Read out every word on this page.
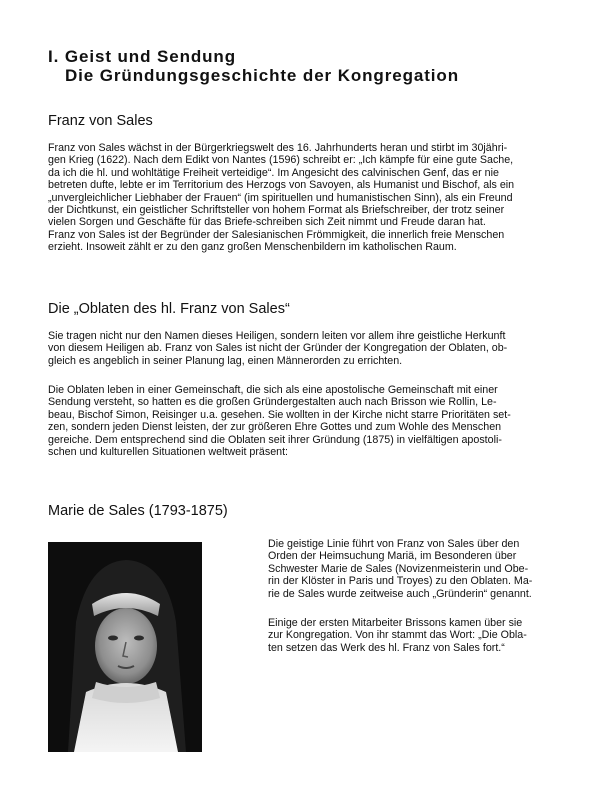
I. Geist und Sendung
Die Gründungsgeschichte der Kongregation
Franz von Sales
Franz von Sales wächst in der Bürgerkriegswelt des 16. Jahrhunderts heran und stirbt im 30jähri-
gen Krieg (1622). Nach dem Edikt von Nantes (1596) schreibt er: „Ich kämpfe für eine gute Sache,
da ich die hl. und wohltätige Freiheit verteidige“. Im Angesicht des calvinischen Genf, das er nie
betreten dufte, lebte er im Territorium des Herzogs von Savoyen, als Humanist und Bischof, als ein
„unvergleichlicher Liebhaber der Frauen“ (im spirituellen und humanistischen Sinn), als ein Freund
der Dichtkunst, ein geistlicher Schriftsteller von hohem Format als Briefschreiber, der trotz seiner
vielen Sorgen und Geschäfte für das Briefe-schreiben sich Zeit nimmt und Freude daran hat.
Franz von Sales ist der Begründer der Salesianischen Frömmigkeit, die innerlich freie Menschen
erzieht. Insoweit zählt er zu den ganz großen Menschenbildern im katholischen Raum.
Die „Oblaten des hl. Franz von Sales“
Sie tragen nicht nur den Namen dieses Heiligen, sondern leiten vor allem ihre geistliche Herkunft
von diesem Heiligen ab. Franz von Sales ist nicht der Gründer der Kongregation der Oblaten, ob-
gleich es angeblich in seiner Planung lag, einen Männerorden zu errichten.
Die Oblaten leben in einer Gemeinschaft, die sich als eine apostolische Gemeinschaft mit einer
Sendung versteht, so hatten es die großen Gründergestalten auch nach Brisson wie Rollin, Le-
beau, Bischof Simon, Reisinger u.a. gesehen. Sie wollten in der Kirche nicht starre Prioritäten set-
zen, sondern jeden Dienst leisten, der zur größeren Ehre Gottes und zum Wohle des Menschen
gereiche. Dem entsprechend sind die Oblaten seit ihrer Gründung (1875) in vielfältigen apostoli-
schen und kulturellen Situationen weltweit präsent:
Marie de Sales (1793-1875)
Die geistige Linie führt von Franz von Sales über den
Orden der Heimsuchung Mariä, im Besonderen über
Schwester Marie de Sales (Novizenmeisterin und Obe-
rin der Klöster in Paris und Troyes) zu den Oblaten. Ma-
rie de Sales wurde zeitweise auch „Gründerin“ genannt.
Einige der ersten Mitarbeiter Brissons kamen über sie
zur Kongregation. Von ihr stammt das Wort: „Die Obla-
ten setzen das Werk des hl. Franz von Sales fort.“
